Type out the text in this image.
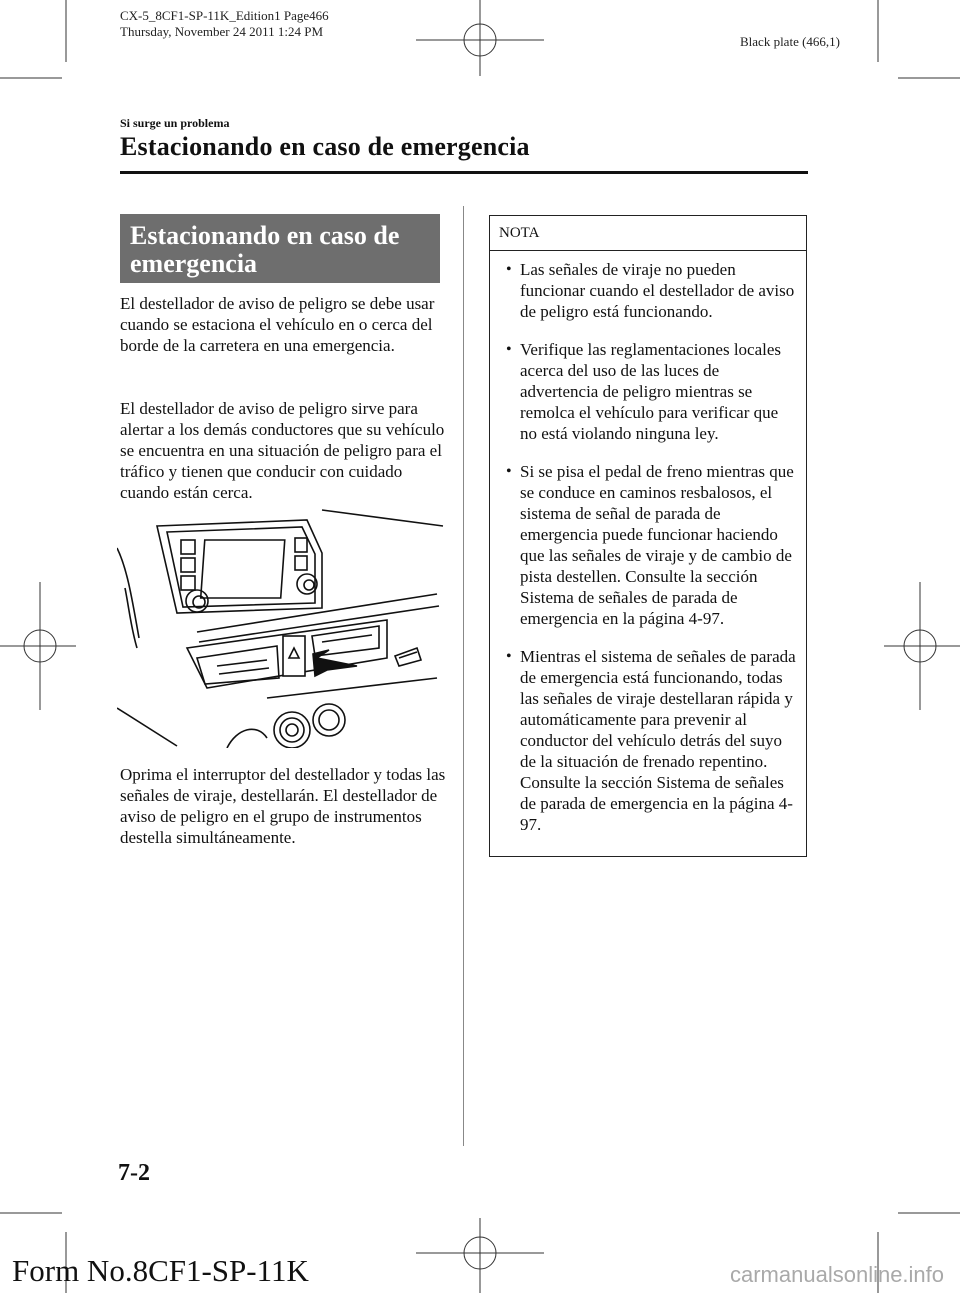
CX-5_8CF1-SP-11K_Edition1 Page466
Thursday, November 24 2011 1:24 PM
Black plate (466,1)
Si surge un problema
Estacionando en caso de emergencia
Estacionando en caso de
emergencia
El destellador de aviso de peligro se debe usar cuando se estaciona el vehículo en o cerca del borde de la carretera en una emergencia.
El destellador de aviso de peligro sirve para alertar a los demás conductores que su vehículo se encuentra en una situación de peligro para el tráfico y tienen que conducir con cuidado cuando están cerca.
Oprima el interruptor del destellador y todas las señales de viraje, destellarán. El destellador de aviso de peligro en el grupo de instrumentos destella simultáneamente.
NOTA
• Las señales de viraje no pueden funcionar cuando el destellador de aviso de peligro está funcionando.
• Verifique las reglamentaciones locales acerca del uso de las luces de advertencia de peligro mientras se remolca el vehículo para verificar que no está violando ninguna ley.
• Si se pisa el pedal de freno mientras que se conduce en caminos resbalosos, el sistema de señal de parada de emergencia puede funcionar haciendo que las señales de viraje y de cambio de pista destellen. Consulte la sección Sistema de señales de parada de emergencia en la página 4-97.
• Mientras el sistema de señales de parada de emergencia está funcionando, todas las señales de viraje destellaran rápida y automáticamente para prevenir al conductor del vehículo detrás del suyo de la situación de frenado repentino. Consulte la sección Sistema de señales de parada de emergencia en la página 4-97.
7-2
Form No.8CF1-SP-11K	carmanualsonline.info
